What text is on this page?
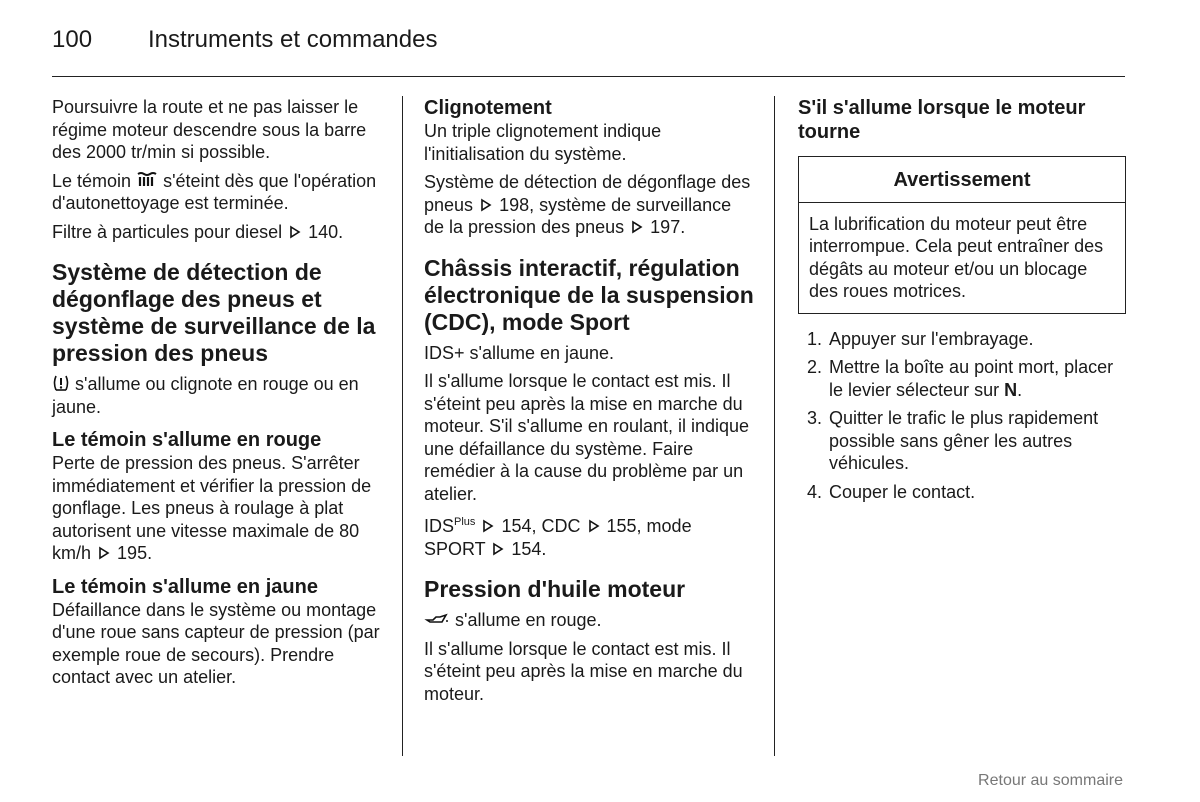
100 Instruments et commandes

Poursuivre la route et ne pas laisser le régime moteur descendre sous la barre des 2000 tr/min si possible.

Le témoin s'éteint dès que l'opération d'autonettoyage est terminée.

Filtre à particules pour diesel 140.

Système de détection de dégonflage des pneus et système de surveillance de la pression des pneus

s'allume ou clignote en rouge ou en jaune.

Le témoin s'allume en rouge

Perte de pression des pneus. S'arrêter immédiatement et vérifier la pression de gonflage. Les pneus à roulage à plat autorisent une vitesse maximale de 80 km/h 195.

Le témoin s'allume en jaune

Défaillance dans le système ou montage d'une roue sans capteur de pression (par exemple roue de secours). Prendre contact avec un atelier.

Clignotement

Un triple clignotement indique l'initialisation du système.

Système de détection de dégonflage des pneus 198, système de surveillance de la pression des pneus 197.

Châssis interactif, régulation électronique de la suspension (CDC), mode Sport

IDS+ s'allume en jaune.

Il s'allume lorsque le contact est mis. Il s'éteint peu après la mise en marche du moteur. S'il s'allume en roulant, il indique une défaillance du système. Faire remédier à la cause du problème par un atelier.

$IDS^{Plus}$ 154, CDC 155, mode SPORT 154.

Pression d'huile moteur

s'allume en rouge.

Il s'allume lorsque le contact est mis. Il s'éteint peu après la mise en marche du moteur.

S'il s'allume lorsque le moteur tourne
Avertissement
La lubrification du moteur peut être interrompue. Cela peut entraîner des dégâts au moteur et/ou un blocage des roues motrices.
1. Appuyer sur l'embrayage.
2. Mettre la boîte au point mort, placer le levier sélecteur sur N.
3. Quitter le trafic le plus rapidement possible sans gêner les autres véhicules.
4. Couper le contact.
Retour au sommaire
